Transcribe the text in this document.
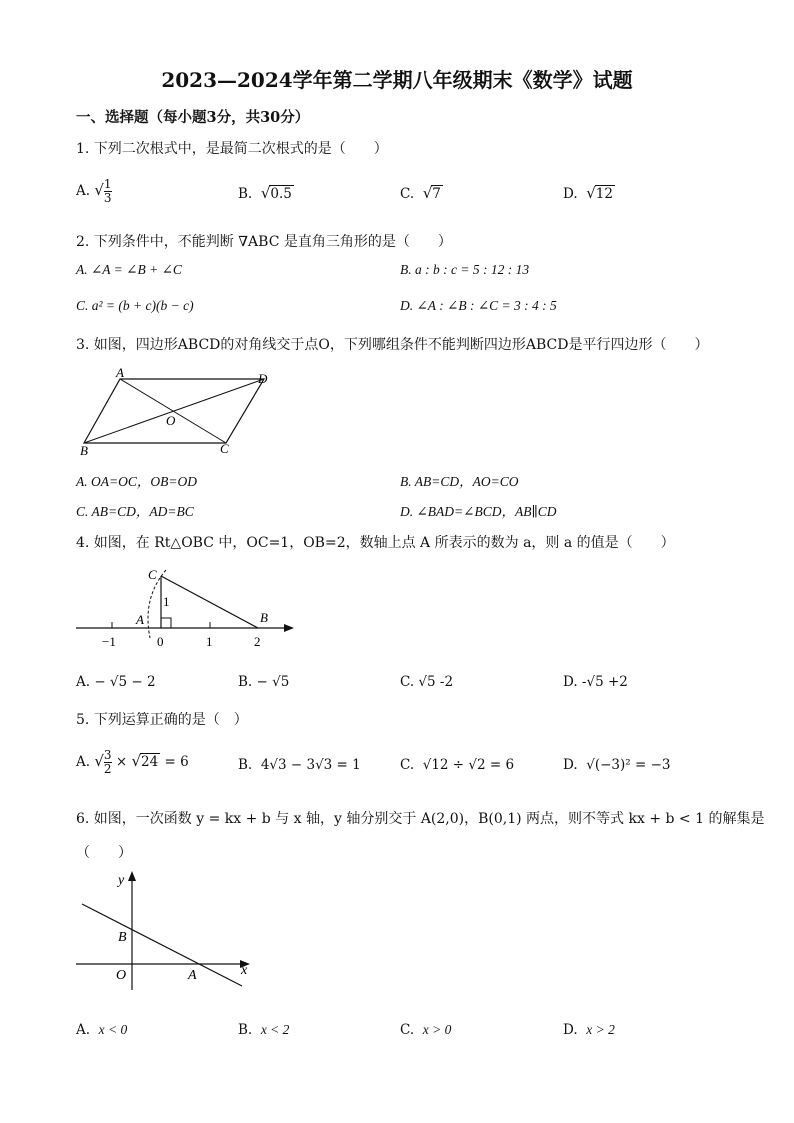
2023—2024学年第二学期八年级期末《数学》试题
一、选择题（每小题3分，共30分）
1. 下列二次根式中，是最简二次根式的是（　　）
A. √ $\frac{1}{3}$	B. √0.5	C. √7	D. √12
2. 下列条件中，不能判断 ∇ABC 是直角三角形的是（　　）
A. ∠A = ∠B + ∠C	B. a : b : c = 5 : 12 : 13
C. a² = (b + c)(b − c)	D. ∠A : ∠B : ∠C = 3 : 4 : 5
3. 如图，四边形ABCD的对角线交于点O，下列哪组条件不能判断四边形ABCD是平行四边形（　　）
A	D
B	C
O
A. OA=OC，OB=OD	B. AB=CD，AO=CO
C. AB=CD，AD=BC	D. ∠BAD=∠BCD，AB∥CD
4. 如图，在 Rt△OBC 中，OC=1，OB=2，数轴上点 A 所表示的数为 a，则 a 的值是（　　）
C
1
A	B
−1	0	1	2
A. − √5 − 2	B. − √5	C. √5 -2	D. -√5 +2
5. 下列运算正确的是（　）
A. √ $\frac{3}{2} \times √24 = 6$	B. 4√3 − 3√3 = 1	C. √12 ÷ √2 = 6	D. √(−3)² = −3
6. 如图，一次函数 y = kx + b 与 x 轴，y 轴分别交于 A(2,0)，B(0,1) 两点，则不等式 kx + b < 1 的解集是
（　　）
y
x
B
O	A
A. x < 0	B. x < 2	C. x > 0	D. x > 2
